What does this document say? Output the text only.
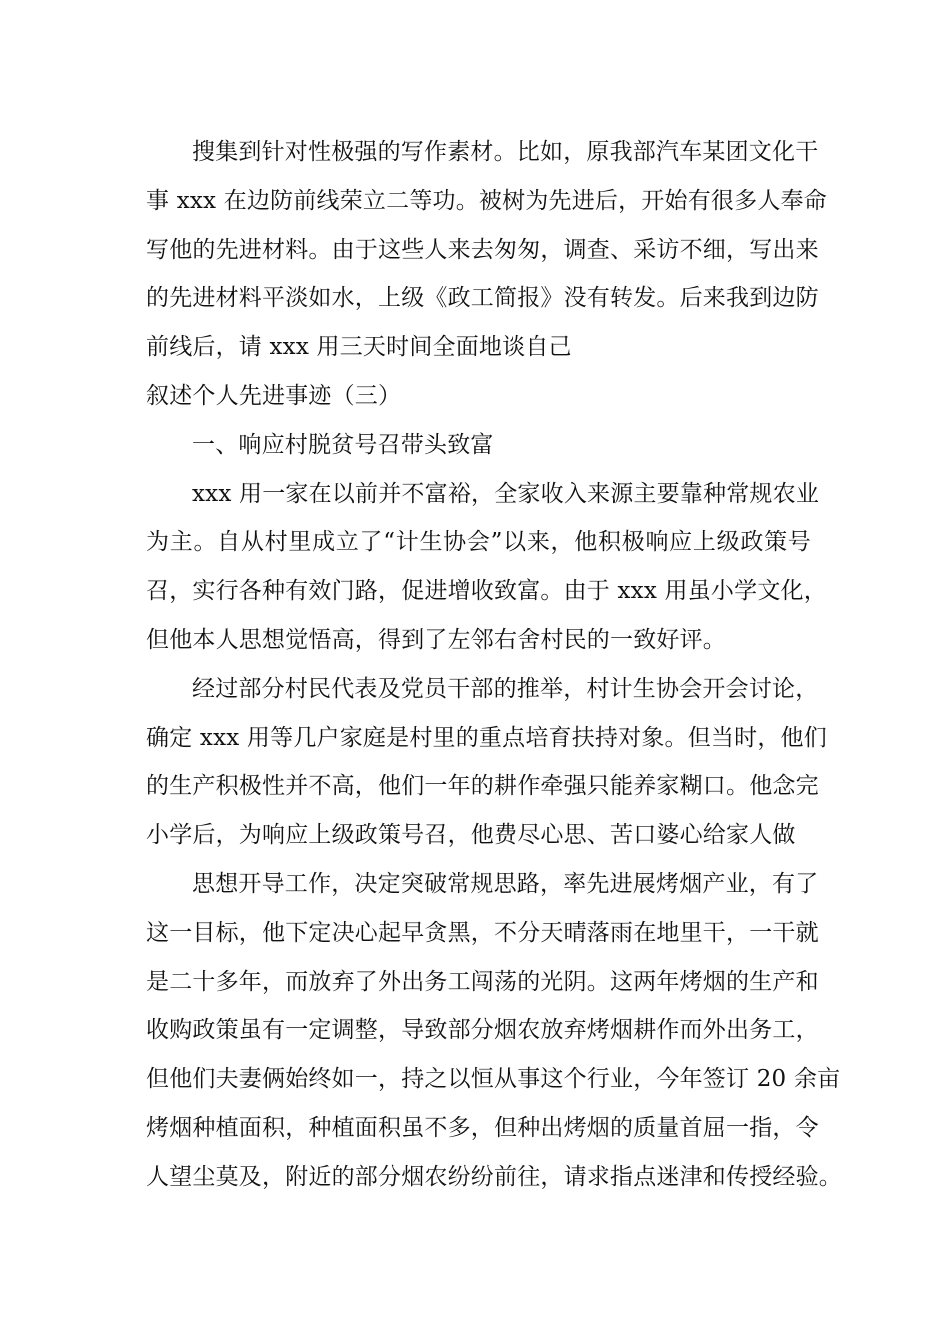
搜集到针对性极强的写作素材。比如，原我部汽车某团文化干
事 xxx 在边防前线荣立二等功。被树为先进后，开始有很多人奉命
写他的先进材料。由于这些人来去匆匆，调查、采访不细，写出来
的先进材料平淡如水，上级《政工简报》没有转发。后来我到边防
前线后，请 xxx 用三天时间全面地谈自己
叙述个人先进事迹（三）
一、响应村脱贫号召带头致富
xxx 用一家在以前并不富裕，全家收入来源主要靠种常规农业
为主。自从村里成立了“计生协会”以来，他积极响应上级政策号
召，实行各种有效门路，促进增收致富。由于 xxx 用虽小学文化，
但他本人思想觉悟高，得到了左邻右舍村民的一致好评。
经过部分村民代表及党员干部的推举，村计生协会开会讨论，
确定 xxx 用等几户家庭是村里的重点培育扶持对象。但当时，他们
的生产积极性并不高，他们一年的耕作牵强只能养家糊口。他念完
小学后，为响应上级政策号召，他费尽心思、苦口婆心给家人做
思想开导工作，决定突破常规思路，率先进展烤烟产业，有了
这一目标，他下定决心起早贪黑，不分天晴落雨在地里干，一干就
是二十多年，而放弃了外出务工闯荡的光阴。这两年烤烟的生产和
收购政策虽有一定调整，导致部分烟农放弃烤烟耕作而外出务工，
但他们夫妻俩始终如一，持之以恒从事这个行业，今年签订 20 余亩
烤烟种植面积，种植面积虽不多，但种出烤烟的质量首屈一指，令
人望尘莫及，附近的部分烟农纷纷前往，请求指点迷津和传授经验。
